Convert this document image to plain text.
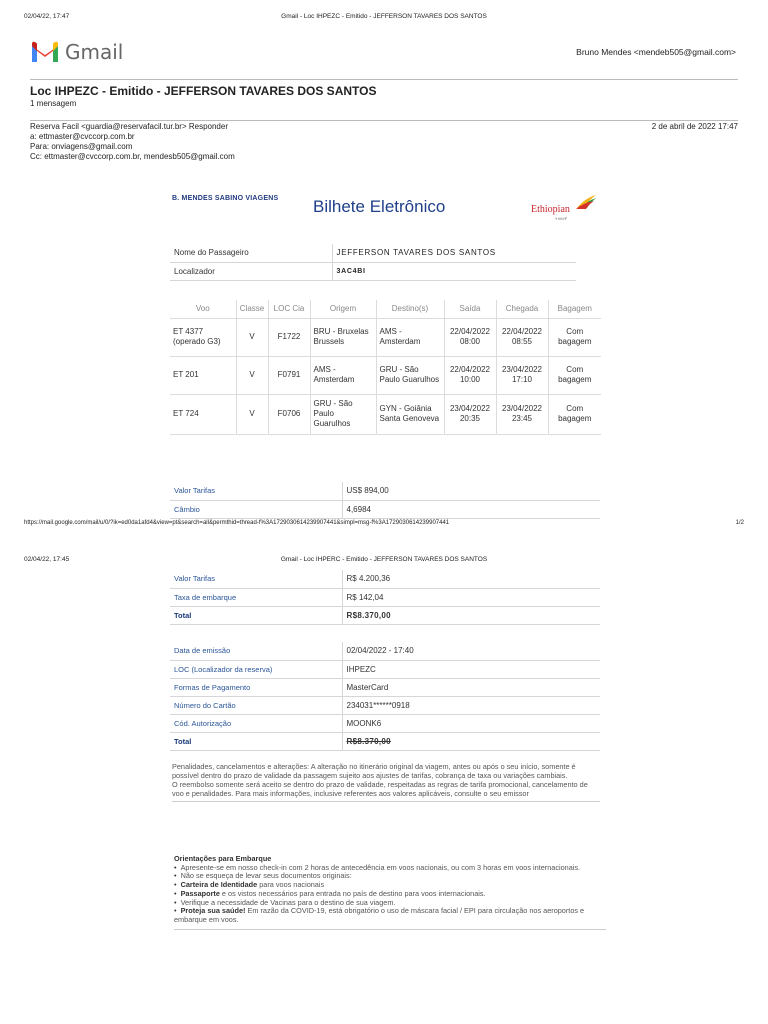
02/04/22, 17:47	Gmail - Loc IHPEZC - Emitido - JEFFERSON TAVARES DOS SANTOS
Gmail	Bruno Mendes <mendeb505@gmail.com>
Loc IHPEZC - Emitido - JEFFERSON TAVARES DOS SANTOS
1 mensagem
Reserva Facil <guardia@reservafacil.tur.br> Responder
a: ettmaster@cvccorp.com.br
Para: onviagens@gmail.com
Cc: ettmaster@cvccorp.com.br, mendesb505@gmail.com
2 de abril de 2022 17:47
B. MENDES SABINO VIAGENS Bilhete Eletrônico	Ethiopian
ትክክለኛ
Nome do Passageiro	JEFFERSON TAVARES DOS SANTOS
Localizador	3AC4BI
Voo	Classe	LOC Cia	Origem	Destino(s)	Saída	Chegada	Bagagem
ET 4377 (operado G3)	V	F1722	BRU - Bruxelas Brussels	AMS - Amsterdam	22/04/2022 08:00	22/04/2022 08:55	Com bagagem
ET 201	V	F0791	AMS - Amsterdam	GRU - São Paulo Guarulhos	22/04/2022 10:00	23/04/2022 17:10	Com bagagem
ET 724	V	F0706	GRU - São Paulo Guarulhos	GYN - Goiânia Santa Genoveva	23/04/2022 20:35	23/04/2022 23:45	Com bagagem
Valor Tarifas	US$ 894,00
Câmbio	4,6984
https://mail.google.com/mail/u/0/?ik=ed0da1afd4&view=pt&search=all&permthid=thread-f%3A1729030614239907441&simpl=msg-f%3A1729030614239907441	1/2
02/04/22, 17:45	Gmail - Loc IHPERC - Emitido - JEFFERSON TAVARES DOS SANTOS
Valor Tarifas	R$ 4.200,36
Taxa de embarque	R$ 142,04
Total	R$8.370,00
Data de emissão	02/04/2022 - 17:40
LOC (Localizador da reserva)	IHPEZC
Formas de Pagamento	MasterCard
Número do Cartão	234031******0918
Cód. Autorização	MOONK6
Total	R$8.370,00
Penalidades, cancelamentos e alterações: A alteração no itinerário original da viagem, antes ou após o seu início, somente é possível dentro do prazo de validade da passagem sujeito aos ajustes de tarifas, cobrança de taxa ou variações cambiais.
O reembolso somente será aceito se dentro do prazo de validade, respeitadas as regras de tarifa promocional, cancelamento de voo e penalidades. Para mais informações, inclusive referentes aos valores aplicáveis, consulte o seu emissor
Orientações para Embarque
• Apresente-se em nosso check-in com 2 horas de antecedência em voos nacionais, ou com 3 horas em voos internacionais.
• Não se esqueça de levar seus documentos originais:
• Carteira de Identidade para voos nacionais
• Passaporte e os vistos necessários para entrada no país de destino para voos internacionais.
• Verifique a necessidade de Vacinas para o destino de sua viagem.
• Proteja sua saúde! Em razão da COVID-19, está obrigatório o uso de máscara facial / EPI para circulação nos aeroportos e embarque em voos.
